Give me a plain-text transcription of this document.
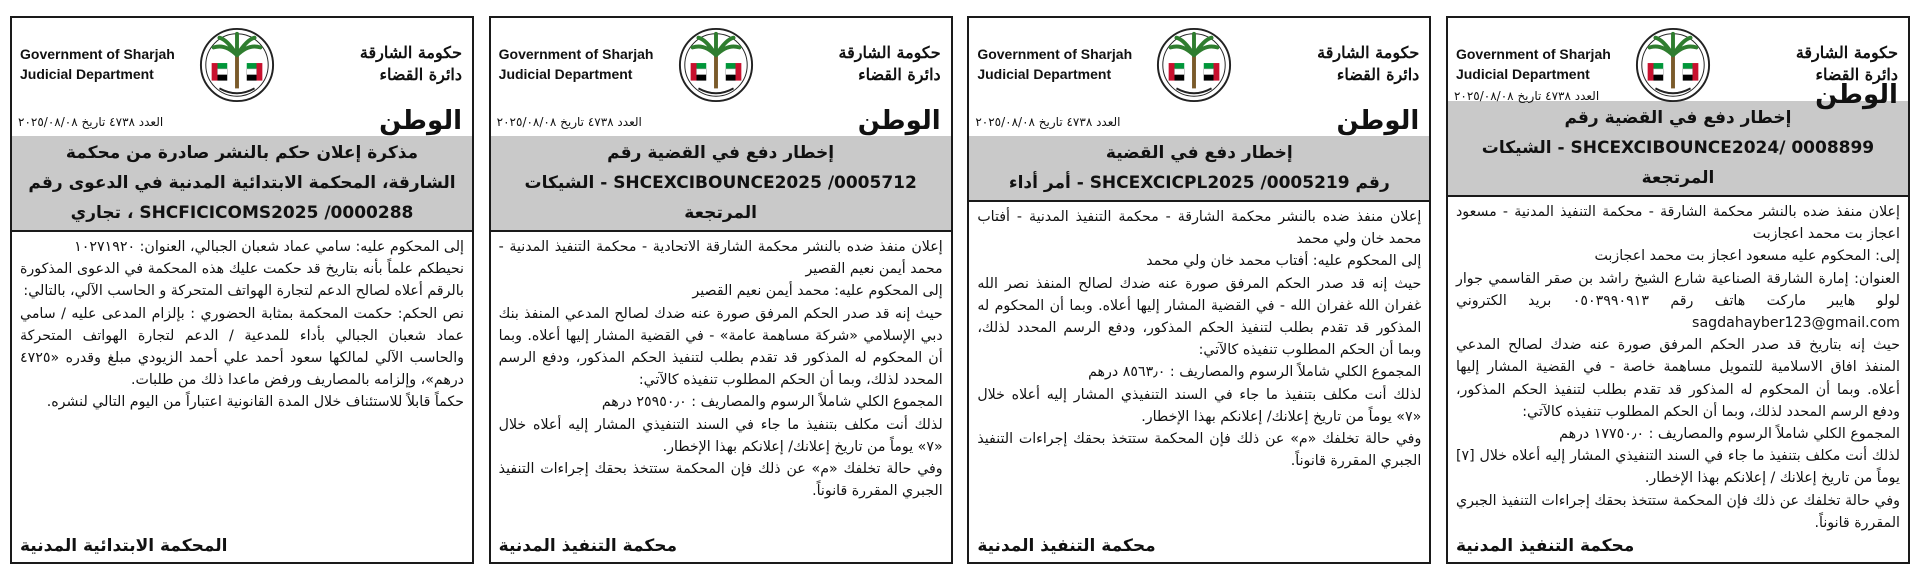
Government of Sharjah
Judicial Department
حكومة الشارقة
دائرة القضاء
الوطن
العدد ٤٧٣٨ تاريخ ٢٠٢٥/٠٨/٠٨
مذكرة إعلان حكم بالنشر صادرة من محكمة
الشارقة، المحكمة الابتدائية المدنية في الدعوى رقم
SHCFICICOMS2025 /0000288 ، تجاري

إلى المحكوم عليه: سامي عماد شعبان الجبالي، العنوان: ١٠٢٧١٩٢٠

نحيطكم علماً بأنه بتاريخ قد حكمت عليك هذه المحكمة في الدعوى المذكورة بالرقم أعلاه لصالح الدعم لتجارة الهواتف المتحركة و الحاسب الآلي، بالتالي:

نص الحكم: حكمت المحكمة بمثابة الحضوري : بإلزام المدعى عليه / سامي عماد شعبان الجبالي بأداء للمدعية / الدعم لتجارة الهواتف المتحركة والحاسب الآلي لمالكها سعود أحمد علي أحمد الزيودي مبلغ وقدره «٤٧٢٥ درهم»، وإلزامه بالمصاريف ورفض ماعدا ذلك من طلبات.

حكماً قابلاً للاستئناف خلال المدة القانونية اعتباراً من اليوم التالي لنشره.

المحكمة الابتدائية المدنية
Government of Sharjah
Judicial Department
حكومة الشارقة
دائرة القضاء
الوطن
العدد ٤٧٣٨ تاريخ ٢٠٢٥/٠٨/٠٨
إخطار دفع في القضية رقم
SHCEXCIBOUNCE2025 /0005712 - الشيكات المرتجعة

إعلان منفذ ضده بالنشر محكمة الشارقة الاتحادية - محكمة التنفيذ المدنية - محمد أيمن نعيم القصير

إلى المحكوم عليه: محمد أيمن نعيم القصير

حيث إنه قد صدر الحكم المرفق صورة عنه ضدك لصالح المدعي المنفذ بنك دبي الإسلامي «شركة مساهمة عامة» - في القضية المشار إليها أعلاه. وبما أن المحكوم له المذكور قد تقدم بطلب لتنفيذ الحكم المذكور، ودفع الرسم المحدد لذلك، وبما أن الحكم المطلوب تنفيذه كالآتي:

المجموع الكلي شاملاً الرسوم والمصاريف : ٢٥٩٥٠٫٠ درهم

لذلك أنت مكلف بتنفيذ ما جاء في السند التنفيذي المشار إليه أعلاه خلال «٧» يوماً من تاريخ إعلانك/ إعلانكم بهذا الإخطار.

وفي حالة تخلفك «م» عن ذلك فإن المحكمة ستتخذ بحقك إجراءات التنفيذ الجبري المقررة قانوناً.

محكمة التنفيذ المدنية
Government of Sharjah
Judicial Department
حكومة الشارقة
دائرة القضاء
الوطن
العدد ٤٧٣٨ تاريخ ٢٠٢٥/٠٨/٠٨
إخطار دفع في القضية
رقم SHCEXCICPL2025 /0005219 - أمر أداء

إعلان منفذ ضده بالنشر محكمة الشارقة - محكمة التنفيذ المدنية - أفتاب محمد خان ولي محمد

إلى المحكوم عليه: أفتاب محمد خان ولي محمد

حيث إنه قد صدر الحكم المرفق صورة عنه ضدك لصالح المنفذ نصر الله غفران الله غفران الله - في القضية المشار إليها أعلاه. وبما أن المحكوم له المذكور قد تقدم بطلب لتنفيذ الحكم المذكور، ودفع الرسم المحدد لذلك، وبما أن الحكم المطلوب تنفيذه كالآتي:

المجموع الكلي شاملاً الرسوم والمصاريف : ٨٥٦٣٫٠ درهم

لذلك أنت مكلف بتنفيذ ما جاء في السند التنفيذي المشار إليه أعلاه خلال «٧» يوماً من تاريخ إعلانك/ إعلانكم بهذا الإخطار.

وفي حالة تخلفك «م» عن ذلك فإن المحكمة ستتخذ بحقك إجراءات التنفيذ الجبري المقررة قانوناً.

محكمة التنفيذ المدنية
Government of Sharjah
Judicial Department
حكومة الشارقة
دائرة القضاء
الوطن
العدد ٤٧٣٨ تاريخ ٢٠٢٥/٠٨/٠٨
إخطار دفع في القضية رقم
SHCEXCIBOUNCE2024/ 0008899 - الشيكات المرتجعة

إعلان منفذ ضده بالنشر محكمة الشارقة - محكمة التنفيذ المدنية - مسعود اعجاز بت محمد اعجازبت

إلى: المحكوم عليه مسعود اعجاز بت محمد اعجازبت

العنوان: إمارة الشارقة الصناعية شارع الشيخ راشد بن صقر القاسمي جوار لولو هايبر ماركت هاتف رقم ٠٥٠٣٩٩٠٩١٣ بريد الكتروني sagdahayber123@gmail.com

حيث إنه بتاريخ قد صدر الحكم المرفق صورة عنه ضدك لصالح المدعي المنفذ افاق الاسلامية للتمويل مساهمة خاصة - في القضية المشار إليها أعلاه. وبما أن المحكوم له المذكور قد تقدم بطلب لتنفيذ الحكم المذكور، ودفع الرسم المحدد لذلك، وبما أن الحكم المطلوب تنفيذه كالآتي:

المجموع الكلي شاملاً الرسوم والمصاريف : ١٧٧٥٠٫٠ درهم

لذلك أنت مكلف بتنفيذ ما جاء في السند التنفيذي المشار إليه أعلاه خلال [٧] يوماً من تاريخ إعلانك / إعلانكم بهذا الإخطار.

وفي حالة تخلفك عن ذلك فإن المحكمة ستتخذ بحقك إجراءات التنفيذ الجبري المقررة قانوناً.

محكمة التنفيذ المدنية
